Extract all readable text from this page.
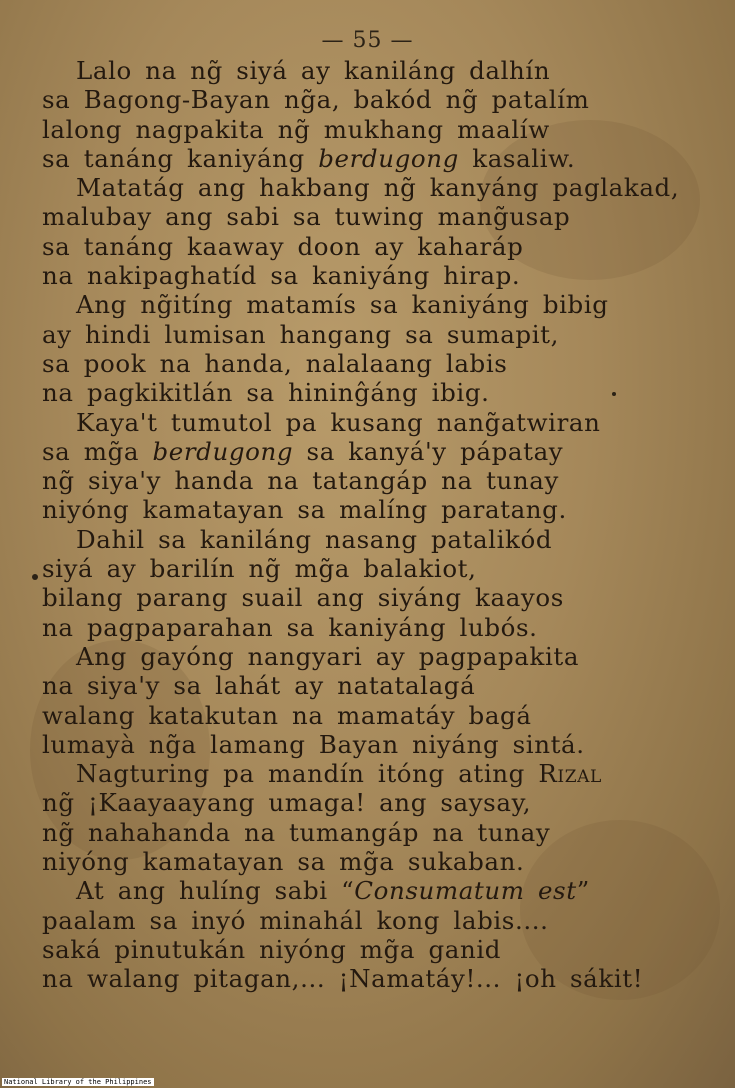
— 55 —
Lalo na ng̃ siyá ay kaniláng dalhín
sa Bagong-Bayan ng̃a, bakód ng̃ patalím
lalong nagpakita ng̃ mukhang maalíw
sa tanáng kaniyáng berdugong kasaliw.
Matatág ang hakbang ng̃ kanyáng paglakad,
malubay ang sabi sa tuwing mang̃usap
sa tanáng kaaway doon ay kaharáp
na nakipaghatíd sa kaniyáng hirap.
Ang ng̃itíng matamís sa kaniyáng bibig
ay hindi lumisan hangang sa sumapit,
sa pook na handa, nalalaang labis
na pagkikitlán sa hininĝáng ibig.
Kaya't tumutol pa kusang nang̃atwiran
sa mg̃a berdugong sa kanyá'y pápatay
ng̃ siya'y handa na tatangáp na tunay
niyóng kamatayan sa malíng paratang.
Dahil sa kaniláng nasang patalikód
siyá ay barilín ng̃ mg̃a balakiot,
bilang parang suail ang siyáng kaayos
na pagpaparahan sa kaniyáng lubós.
Ang gayóng nangyari ay pagpapakita
na siya'y sa lahát ay natatalagá
walang katakutan na mamatáy bagá
lumayà ng̃a lamang Bayan niyáng sintá.
Nagturing pa mandín itóng ating Rizal
ng̃ ¡Kaayaayang umaga! ang saysay,
ng̃ nahahanda na tumangáp na tunay
niyóng kamatayan sa mg̃a sukaban.
At ang hulíng sabi “Consumatum est”
paalam sa inyó minahál kong labis....
saká pinutukán niyóng mg̃a ganid
na walang pitagan,... ¡Namatáy!... ¡oh sákit!
National Library of the Philippines
